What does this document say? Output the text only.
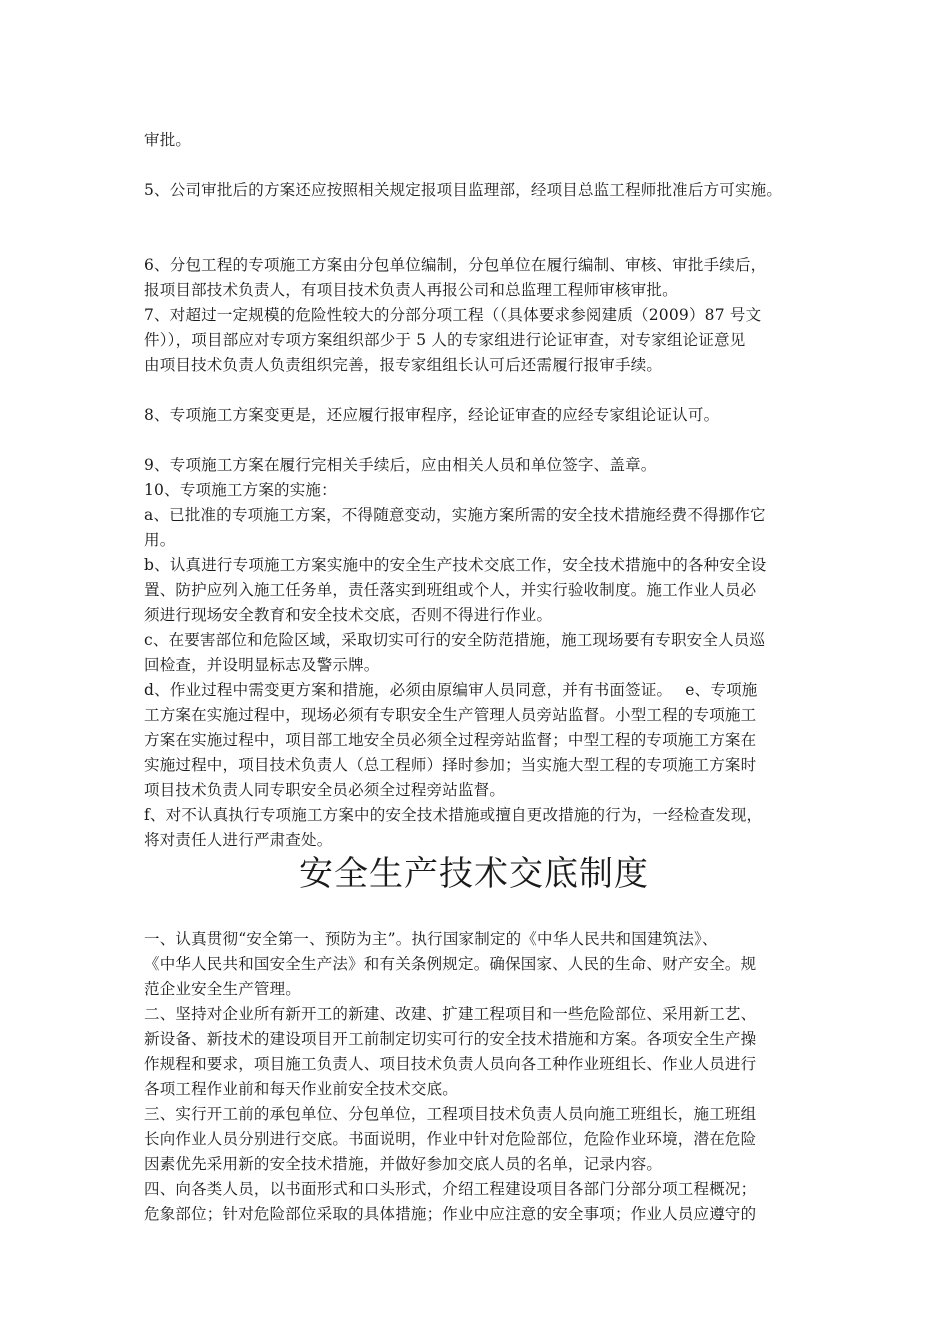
审批。
5、公司审批后的方案还应按照相关规定报项目监理部，经项目总监工程师批准后方可实施。
6、分包工程的专项施工方案由分包单位编制，分包单位在履行编制、审核、审批手续后，
报项目部技术负责人，有项目技术负责人再报公司和总监理工程师审核审批。
7、对超过一定规模的危险性较大的分部分项工程（（具体要求参阅建质（2009）87 号文
件）），项目部应对专项方案组织部少于 5 人的专家组进行论证审查，对专家组论证意见
由项目技术负责人负责组织完善，报专家组组长认可后还需履行报审手续。
8、专项施工方案变更是，还应履行报审程序，经论证审查的应经专家组论证认可。
9、专项施工方案在履行完相关手续后，应由相关人员和单位签字、盖章。
10、专项施工方案的实施：
a、已批准的专项施工方案，不得随意变动，实施方案所需的安全技术措施经费不得挪作它
用。
b、认真进行专项施工方案实施中的安全生产技术交底工作，安全技术措施中的各种安全设
置、防护应列入施工任务单，责任落实到班组或个人，并实行验收制度。施工作业人员必
须进行现场安全教育和安全技术交底，否则不得进行作业。
c、在要害部位和危险区域，采取切实可行的安全防范措施，施工现场要有专职安全人员巡
回检查，并设明显标志及警示牌。
d、作业过程中需变更方案和措施，必须由原编审人员同意，并有书面签证。　 e、专项施
工方案在实施过程中，现场必须有专职安全生产管理人员旁站监督。小型工程的专项施工
方案在实施过程中，项目部工地安全员必须全过程旁站监督；中型工程的专项施工方案在
实施过程中，项目技术负责人（总工程师）择时参加；当实施大型工程的专项施工方案时
项目技术负责人同专职安全员必须全过程旁站监督。
f、对不认真执行专项施工方案中的安全技术措施或擅自更改措施的行为，一经检查发现，
将对责任人进行严肃查处。
安全生产技术交底制度
一、认真贯彻“安全第一、预防为主”。执行国家制定的《中华人民共和国建筑法》、
《中华人民共和国安全生产法》和有关条例规定。确保国家、人民的生命、财产安全。规
范企业安全生产管理。
二、坚持对企业所有新开工的新建、改建、扩建工程项目和一些危险部位、采用新工艺、
新设备、新技术的建设项目开工前制定切实可行的安全技术措施和方案。各项安全生产操
作规程和要求，项目施工负责人、项目技术负责人员向各工种作业班组长、作业人员进行
各项工程作业前和每天作业前安全技术交底。
三、实行开工前的承包单位、分包单位，工程项目技术负责人员向施工班组长，施工班组
长向作业人员分别进行交底。书面说明，作业中针对危险部位，危险作业环境，潜在危险
因素优先采用新的安全技术措施，并做好参加交底人员的名单，记录内容。
四、向各类人员，以书面形式和口头形式，介绍工程建设项目各部门分部分项工程概况；
危象部位；针对危险部位采取的具体措施；作业中应注意的安全事项；作业人员应遵守的
